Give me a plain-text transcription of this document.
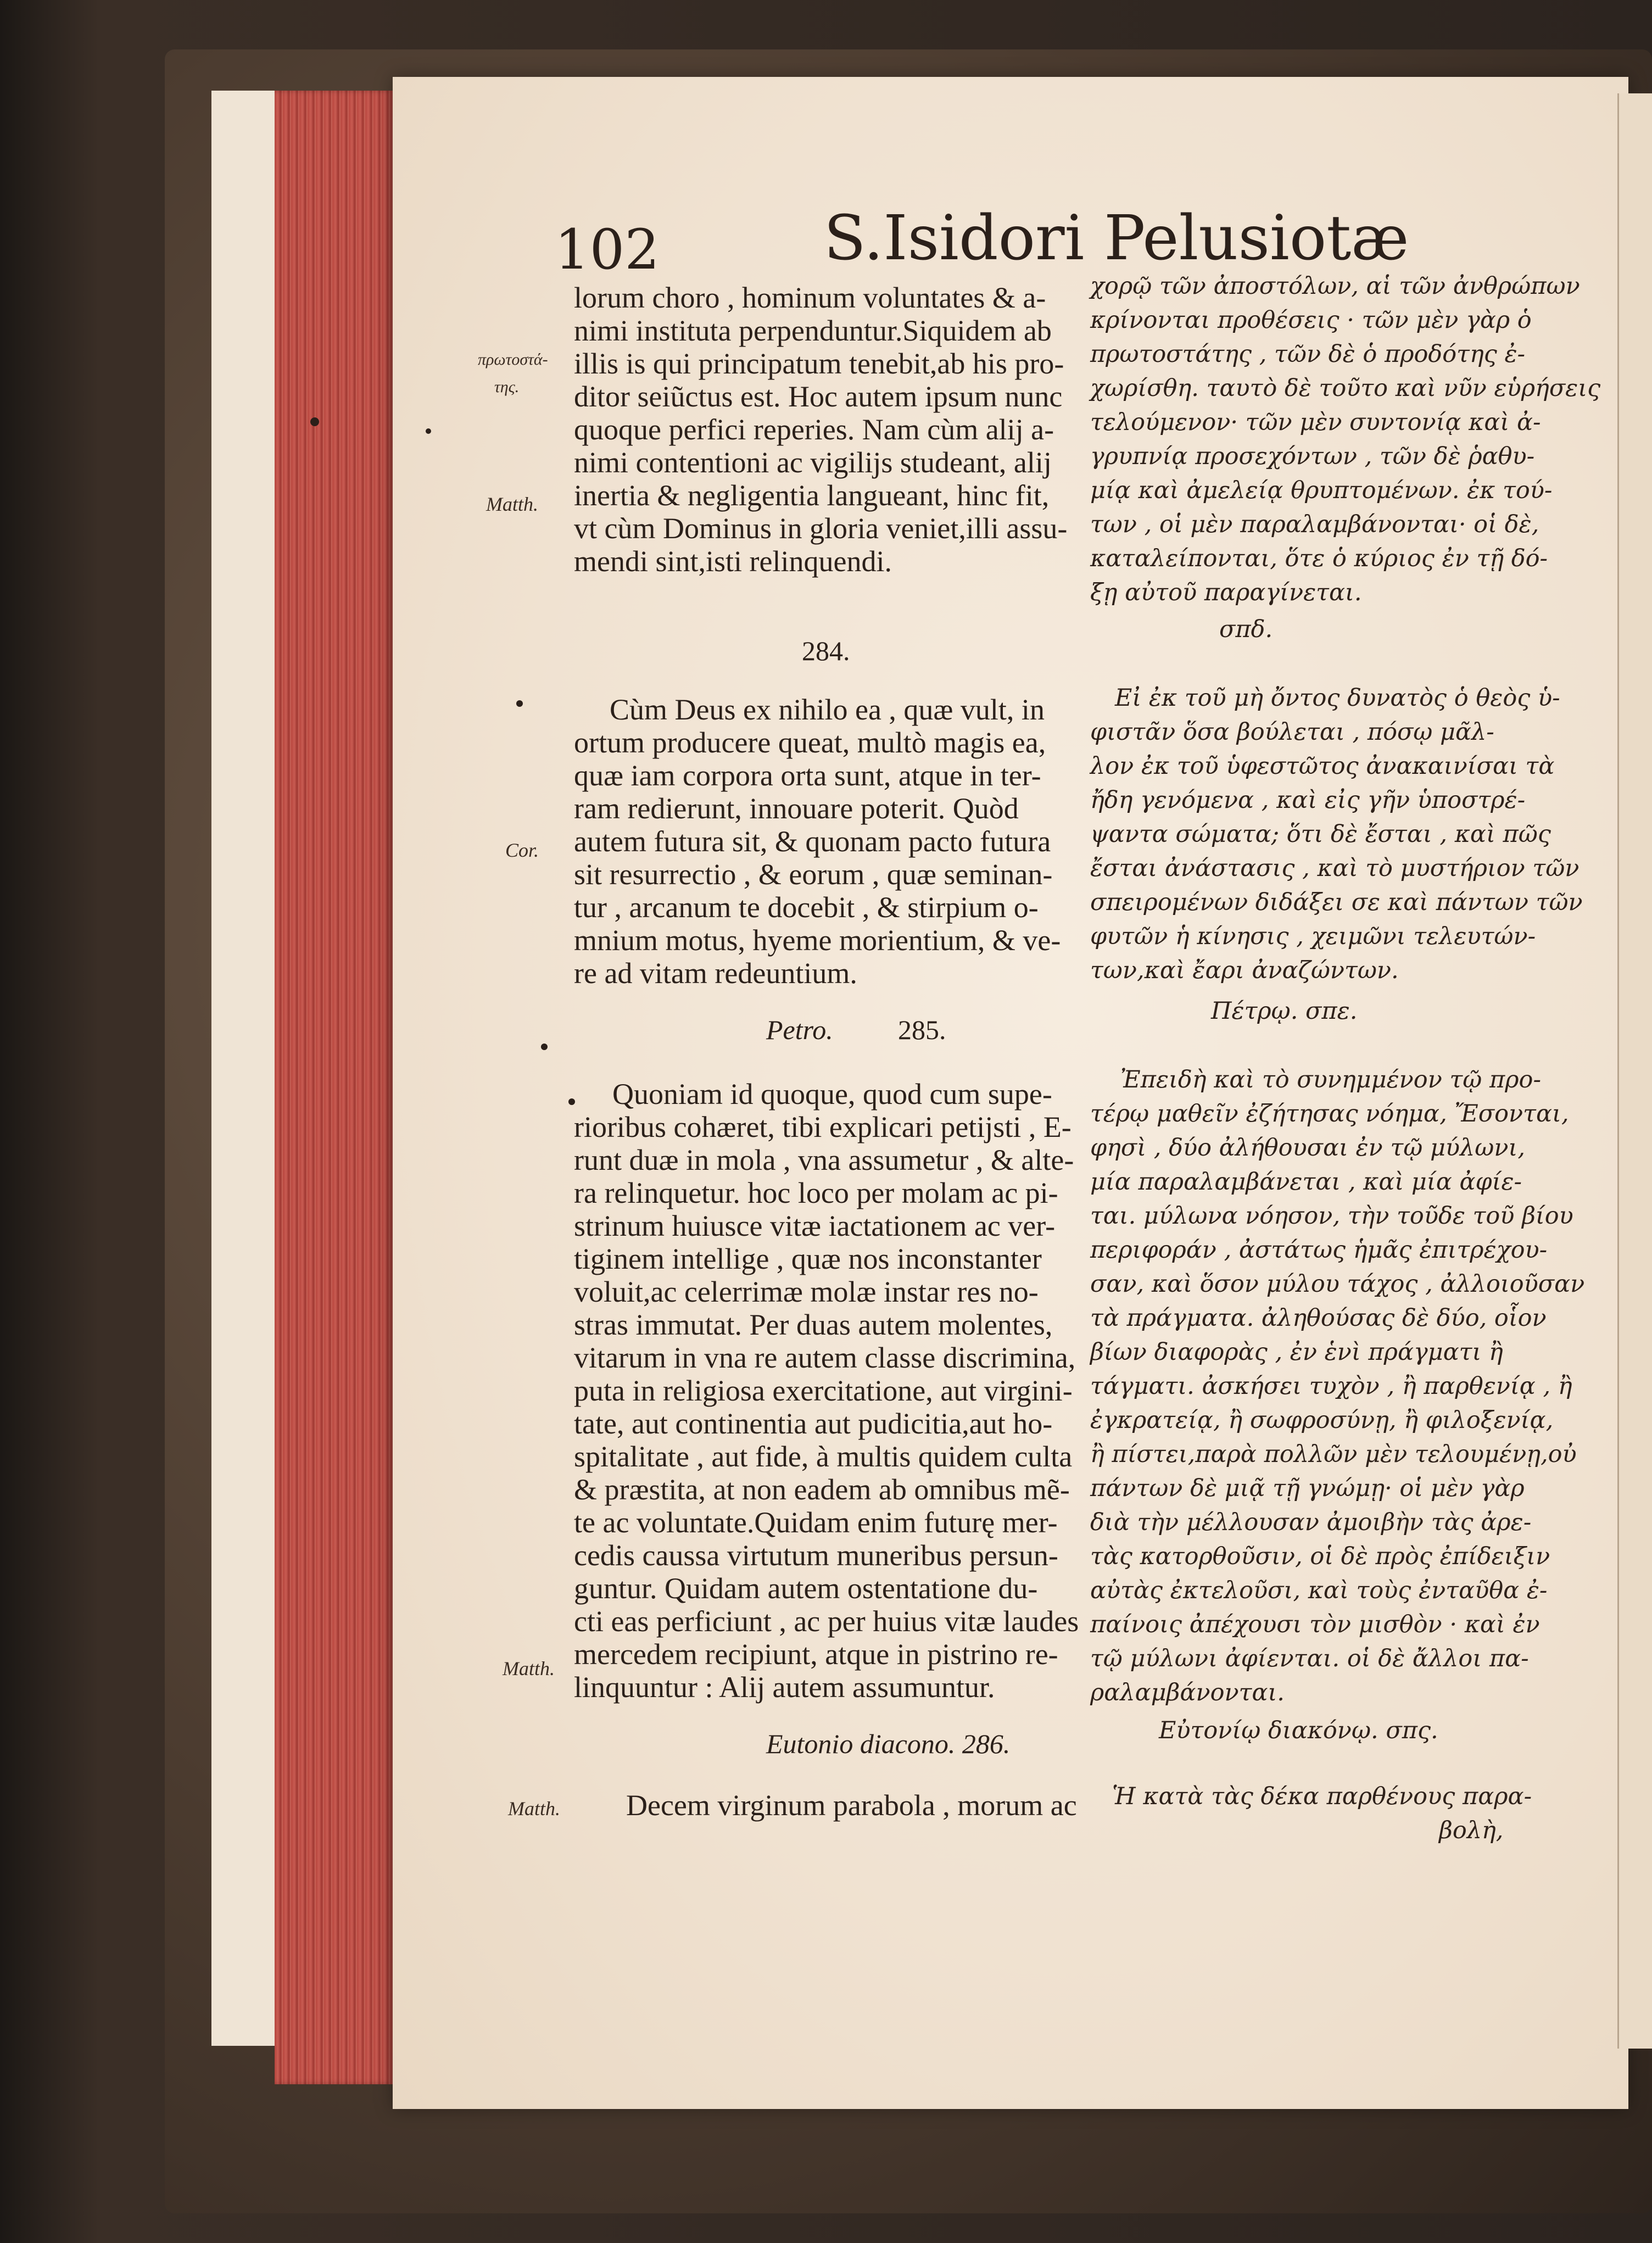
102	S.Isidori Pelusiotæ
πρωτοστά-
της.
Matth.
Cor.
Matth.
Matth.
lorum choro , hominum voluntates & a-
nimi instituta perpenduntur.Siquidem ab
illis is qui principatum tenebit,ab his pro-
ditor seiũctus est. Hoc autem ipsum nunc
quoque perfici reperies. Nam cùm alij a-
nimi contentioni ac vigilijs studeant, alij
inertia & negligentia langueant, hinc fit,
vt cùm Dominus in gloria veniet,illi assu-
mendi sint,isti relinquendi.
284.
Cùm Deus ex nihilo ea , quæ vult, in
ortum producere queat, multò magis ea,
quæ iam corpora orta sunt, atque in ter-
ram redierunt, innouare poterit. Quòd
autem futura sit, & quonam pacto futura
sit resurrectio , & eorum , quæ seminan-
tur , arcanum te docebit , & stirpium o-
mnium motus, hyeme morientium, & ve-
re ad vitam redeuntium.
Petro. 285.
Quoniam id quoque, quod cum supe-
rioribus cohæret, tibi explicari petijsti , E-
runt duæ in mola , vna assumetur , & alte-
ra relinquetur. hoc loco per molam ac pi-
strinum huiusce vitæ iactationem ac ver-
tiginem intellige , quæ nos inconstanter
voluit,ac celerrimæ molæ instar res no-
stras immutat. Per duas autem molentes,
vitarum in vna re autem classe discrimina,
puta in religiosa exercitatione, aut virgini-
tate, aut continentia aut pudicitia,aut ho-
spitalitate , aut fide, à multis quidem culta
& præstita, at non eadem ab omnibus mẽ-
te ac voluntate.Quidam enim futurę mer-
cedis caussa virtutum muneribus persun-
guntur. Quidam autem ostentatione du-
cti eas perficiunt , ac per huius vitæ laudes
mercedem recipiunt, atque in pistrino re-
linquuntur : Alij autem assumuntur.
Eutonio diacono. 286.
Decem virginum parabola , morum ac
χορῷ τῶν ἀποστόλων, αἱ τῶν ἀνθρώπων
κρίνονται προθέσεις · τῶν μὲν γὰρ ὁ
πρωτοστάτης , τῶν δὲ ὁ προδότης ἐ-
χωρίσθη. ταυτὸ δὲ τοῦτο καὶ νῦν εὑρήσεις
τελούμενον· τῶν μὲν συντονίᾳ καὶ ἀ-
γρυπνίᾳ προσεχόντων , τῶν δὲ ῥαθυ-
μίᾳ καὶ ἀμελείᾳ θρυπτομένων. ἐκ τού-
των , οἱ μὲν παραλαμβάνονται· οἱ δὲ,
καταλείπονται, ὅτε ὁ κύριος ἐν τῇ δό-
ξῃ αὐτοῦ παραγίνεται.
σπδ.
Εἰ ἐκ τοῦ μὴ ὄντος δυνατὸς ὁ θεὸς ὑ-
φιστᾶν ὅσα βούλεται , πόσῳ μᾶλ-
λον ἐκ τοῦ ὑφεστῶτος ἀνακαινίσαι τὰ
ἤδη γενόμενα , καὶ εἰς γῆν ὑποστρέ-
ψαντα σώματα; ὅτι δὲ ἔσται , καὶ πῶς
ἔσται ἀνάστασις , καὶ τὸ μυστήριον τῶν
σπειρομένων διδάξει σε καὶ πάντων τῶν
φυτῶν ἡ κίνησις , χειμῶνι τελευτών-
των,καὶ ἔαρι ἀναζώντων.
Πέτρῳ. σπε.
Ἐπειδὴ καὶ τὸ συνημμένον τῷ προ-
τέρῳ μαθεῖν ἐζήτησας νόημα, Ἔσονται,
φησὶ , δύο ἀλήθουσαι ἐν τῷ μύλωνι,
μία παραλαμβάνεται , καὶ μία ἀφίε-
ται. μύλωνα νόησον, τὴν τοῦδε τοῦ βίου
περιφοράν , ἀστάτως ἡμᾶς ἐπιτρέχου-
σαν, καὶ ὅσον μύλου τάχος , ἀλλοιοῦσαν
τὰ πράγματα. ἀληθούσας δὲ δύο, οἷον
βίων διαφορὰς , ἐν ἑνὶ πράγματι ἢ
τάγματι. ἀσκήσει τυχὸν , ἢ παρθενίᾳ , ἢ
ἐγκρατείᾳ, ἢ σωφροσύνῃ, ἢ φιλοξενίᾳ,
ἢ πίστει,παρὰ πολλῶν μὲν τελουμένῃ,οὐ
πάντων δὲ μιᾷ τῇ γνώμῃ· οἱ μὲν γὰρ
διὰ τὴν μέλλουσαν ἀμοιβὴν τὰς ἀρε-
τὰς κατορθοῦσιν, οἱ δὲ πρὸς ἐπίδειξιν
αὐτὰς ἐκτελοῦσι, καὶ τοὺς ἐνταῦθα ἐ-
παίνοις ἀπέχουσι τὸν μισθὸν · καὶ ἐν
τῷ μύλωνι ἀφίενται. οἱ δὲ ἄλλοι πα-
ραλαμβάνονται.
Εὐτονίῳ διακόνῳ. σπς.
Ἡ κατὰ τὰς δέκα παρθένους παρα-
βολὴ,
